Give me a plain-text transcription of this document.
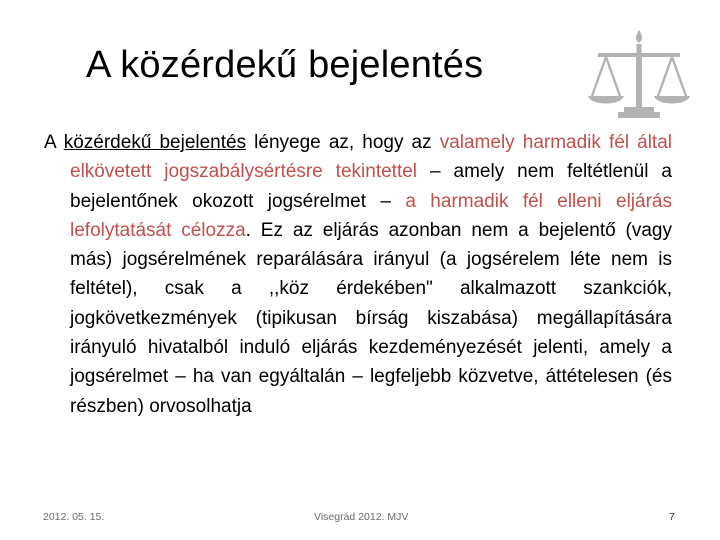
A közérdekű bejelentés
A közérdekű bejelentés lényege az, hogy az valamely harmadik fél által elkövetett jogszabálysértésre tekintettel – amely nem feltétlenül a bejelentőnek okozott jogsérelmet – a harmadik fél elleni eljárás lefolytatását célozza. Ez az eljárás azonban nem a bejelentő (vagy más) jogsérelmének reparálására irányul (a jogsérelem léte nem is feltétel), csak a ,,köz érdekében" alkalmazott szankciók, jogkövetkezmények (tipikusan bírság kiszabása) megállapítására irányuló hivatalból induló eljárás kezdeményezését jelenti, amely a jogsérelmet – ha van egyáltalán – legfeljebb közvetve, áttételesen (és részben) orvosolhatja
2012. 05. 15.	Visegrád 2012. MJV	7
